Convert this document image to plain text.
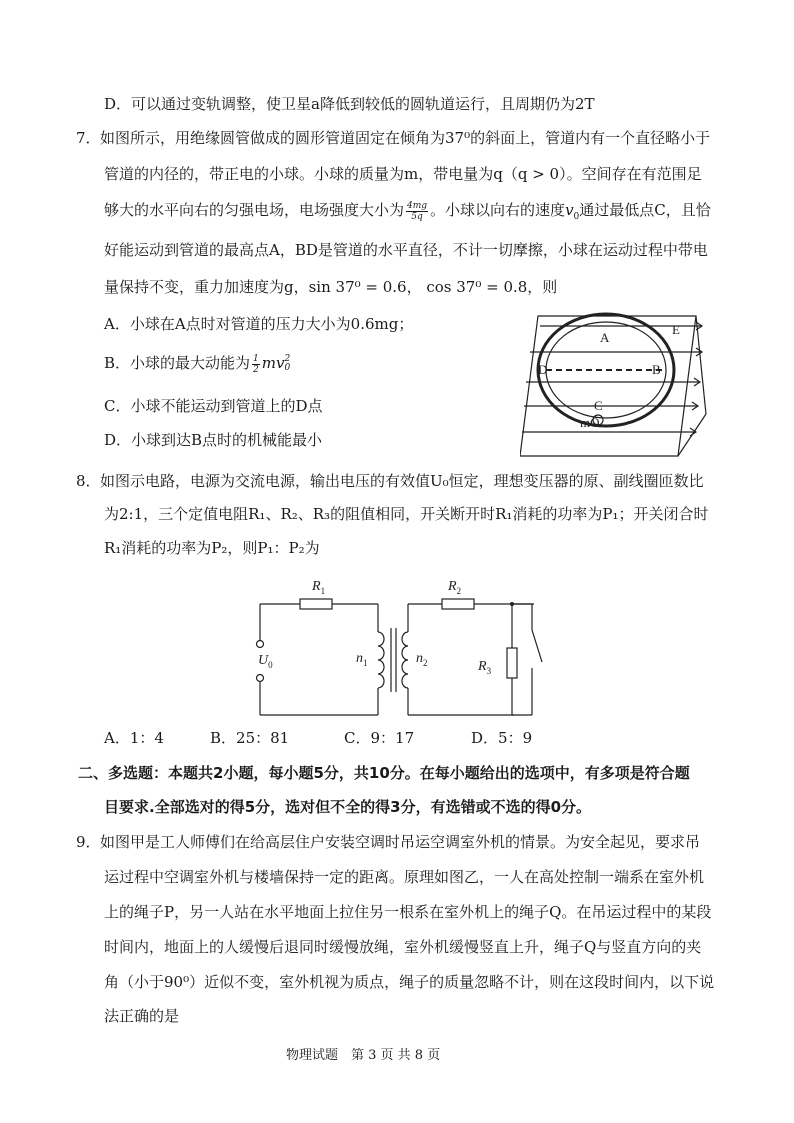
D．可以通过变轨调整，使卫星a降低到较低的圆轨道运行，且周期仍为2T
7． 如图所示，用绝缘圆管做成的圆形管道固定在倾角为37⁰的斜面上，管道内有一个直径略小于
管道的内径的，带正电的小球。小球的质量为m，带电量为q（q > 0）。空间存在有范围足
够大的水平向右的匀强电场，电场强度大小为 $\frac{4mg}{5q}$ 。小球以向右的速度$v_0$通过最低点C，且恰
好能运动到管道的最高点A，BD是管道的水平直径，不计一切摩擦，小球在运动过程中带电
量保持不变，重力加速度为g，sin 37⁰ = 0.6， cos 37⁰ = 0.8，则
A．小球在A点时对管道的压力大小为0.6mg；
B．小球的最大动能为 $\frac{1}{2}$ mv 2
0
C．小球不能运动到管道上的D点
D．小球到达B点时的机械能最小
A
B
C
D
E
mO
8． 如图示电路，电源为交流电源，输出电压的有效值U₀恒定，理想变压器的原、副线圈匝数比
为2:1，三个定值电阻R₁、R₂、R₃的阻值相同，开关断开时R₁消耗的功率为P₁；开关闭合时
R₁消耗的功率为P₂，则P₁：P₂为
$R_1$	$R_2$
$R_3$
$U_0$	$n_1$	$n_2$
A．1：4	B．25：81	C．9：17	D．5：9
二、多选题：本题共2小题，每小题5分，共10分。在每小题给出的选项中，有多项是符合题
目要求.全部选对的得5分，选对但不全的得3分，有选错或不选的得0分。
9． 如图甲是工人师傅们在给高层住户安装空调时吊运空调室外机的情景。为安全起见，要求吊
运过程中空调室外机与楼墙保持一定的距离。原理如图乙，一人在高处控制一端系在室外机
上的绳子P，另一人站在水平地面上拉住另一根系在室外机上的绳子Q。在吊运过程中的某段
时间内，地面上的人缓慢后退同时缓慢放绳，室外机缓慢竖直上升，绳子Q与竖直方向的夹
角（小于90⁰）近似不变，室外机视为质点，绳子的质量忽略不计，则在这段时间内，以下说
法正确的是
物理试题　第 3 页 共 8 页
